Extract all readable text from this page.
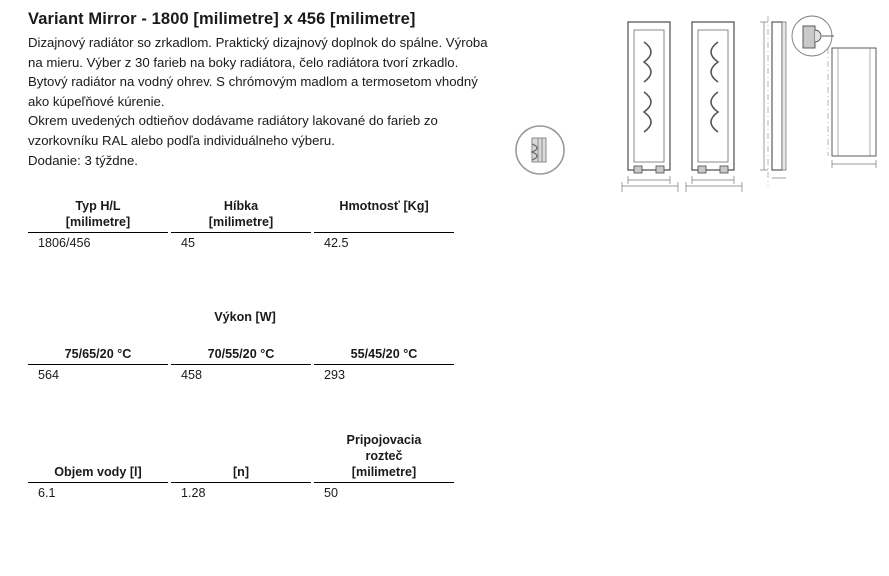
Variant Mirror - 1800 [milimetre] x 456 [milimetre]

Dizajnový radiátor so zrkadlom. Praktický dizajnový doplnok do spálne. Výroba na mieru. Výber z 30 farieb na boky radiátora, čelo radiátora tvorí zrkadlo. Bytový radiátor na vodný ohrev. S chrómovým madlom a termosetom vhodný ako kúpeľňové kúrenie.

Okrem uvedených odtieňov dodávame radiátory lakované do farieb zo vzorkovníku RAL alebo podľa individuálneho výberu.

Dodanie: 3 týždne.

Typ H/L
[milimetre]
1806/456
Híbka
[milimetre]
45
Hmotnosť [Kg]
42.5
Výkon [W]
75/65/20 °C
564
70/55/20 °C
458
55/45/20 °C
293
Objem vody [l]
6.1
[n]
1.28
Pripojovacia
rozteč
[milimetre]
50
